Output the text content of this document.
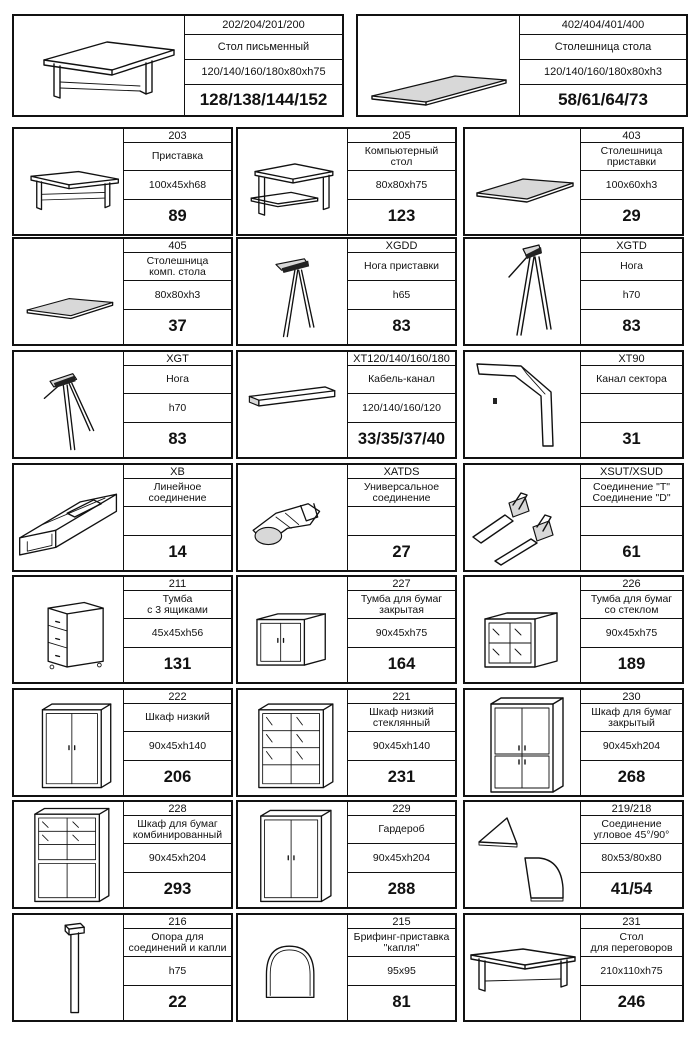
202/204/201/200
Стол письменный
120/140/160/180x80xh75
128/138/144/152
402/404/401/400
Столешница стола
120/140/160/180x80xh3
58/61/64/73
203
Приставка
100x45xh68
89
205
Компьютерный
стол
80x80xh75
123
403
Столешница
приставки
100x60xh3
29
405
Столешница
комп. стола
80x80xh3
37
XGDD
Нога приставки
h65
83
XGTD
Нога
h70
83
XGT
Нога
h70
83
XT120/140/160/180
Кабель-канал
120/140/160/120
33/35/37/40
XT90
Канал сектора
31
XB
Линейное
соединение
14
XATDS
Универсальное
соединение
27
XSUT/XSUD
Соединение "T"
Соединение "D"
61
211
Тумба
с 3 ящиками
45x45xh56
131
227
Тумба для бумаг
закрытая
90x45xh75
164
226
Тумба для бумаг
со стеклом
90x45xh75
189
222
Шкаф низкий
90x45xh140
206
221
Шкаф низкий
стеклянный
90x45xh140
231
230
Шкаф для бумаг
закрытый
90x45xh204
268
228
Шкаф для бумаг
комбинированный
90x45xh204
293
229
Гардероб
90x45xh204
288
219/218
Соединение
угловое 45°/90°
80x53/80x80
41/54
216
Опора для
соединений и капли
h75
22
215
Брифинг-приставка
"капля"
95x95
81
231
Стол
для переговоров
210x110xh75
246
